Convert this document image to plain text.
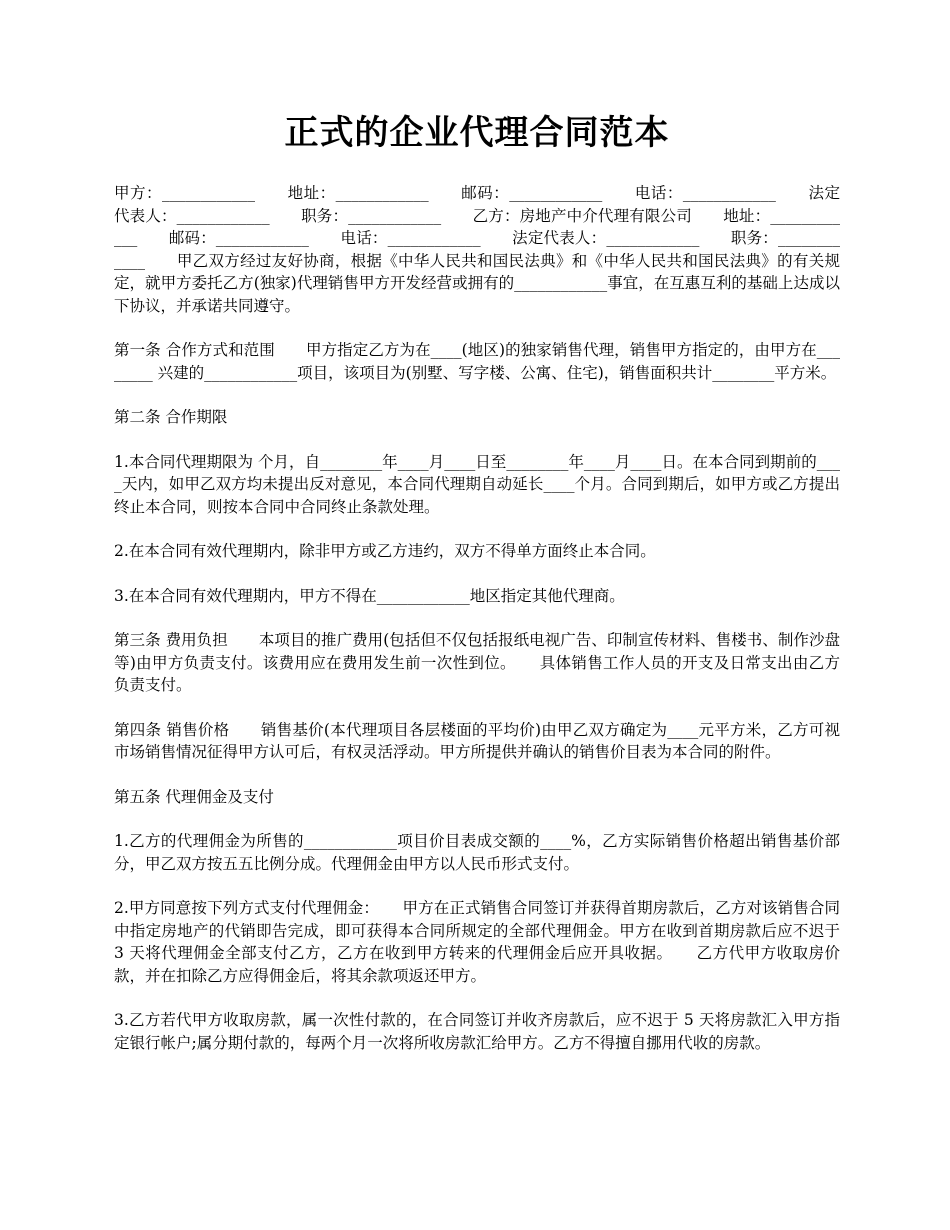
正式的企业代理合同范本

甲方：____________　　地址：____________　　邮码：____________　　电话：____________　　法定代表人：____________　　职务：____________　　乙方：房地产中介代理有限公司　　地址：____________　　邮码：____________　　电话：____________　　法定代表人：____________　　职务：____________　　甲乙双方经过友好协商，根据《中华人民共和国民法典》和《中华人民共和国民法典》的有关规定，就甲方委托乙方(独家)代理销售甲方开发经营或拥有的____________事宜，在互惠互利的基础上达成以下协议，并承诺共同遵守。

第一条 合作方式和范围　　甲方指定乙方为在____(地区)的独家销售代理，销售甲方指定的，由甲方在________ 兴建的____________项目，该项目为(别墅、写字楼、公寓、住宅)，销售面积共计________平方米。

第二条 合作期限

1.本合同代理期限为 个月，自________年____月____日至________年____月____日。在本合同到期前的____天内，如甲乙双方均未提出反对意见，本合同代理期自动延长____个月。合同到期后，如甲方或乙方提出终止本合同，则按本合同中合同终止条款处理。

2.在本合同有效代理期内，除非甲方或乙方违约，双方不得单方面终止本合同。

3.在本合同有效代理期内，甲方不得在____________地区指定其他代理商。

第三条 费用负担　　本项目的推广费用(包括但不仅包括报纸电视广告、印制宣传材料、售楼书、制作沙盘等)由甲方负责支付。该费用应在费用发生前一次性到位。　　具体销售工作人员的开支及日常支出由乙方负责支付。

第四条 销售价格　　销售基价(本代理项目各层楼面的平均价)由甲乙双方确定为____元平方米，乙方可视市场销售情况征得甲方认可后，有权灵活浮动。甲方所提供并确认的销售价目表为本合同的附件。

第五条 代理佣金及支付

1.乙方的代理佣金为所售的____________项目价目表成交额的____%，乙方实际销售价格超出销售基价部分，甲乙双方按五五比例分成。代理佣金由甲方以人民币形式支付。

2.甲方同意按下列方式支付代理佣金：　　甲方在正式销售合同签订并获得首期房款后，乙方对该销售合同中指定房地产的代销即告完成，即可获得本合同所规定的全部代理佣金。甲方在收到首期房款后应不迟于 3 天将代理佣金全部支付乙方，乙方在收到甲方转来的代理佣金后应开具收据。　　乙方代甲方收取房价款，并在扣除乙方应得佣金后，将其余款项返还甲方。

3.乙方若代甲方收取房款，属一次性付款的，在合同签订并收齐房款后，应不迟于 5 天将房款汇入甲方指定银行帐户;属分期付款的，每两个月一次将所收房款汇给甲方。乙方不得擅自挪用代收的房款。
